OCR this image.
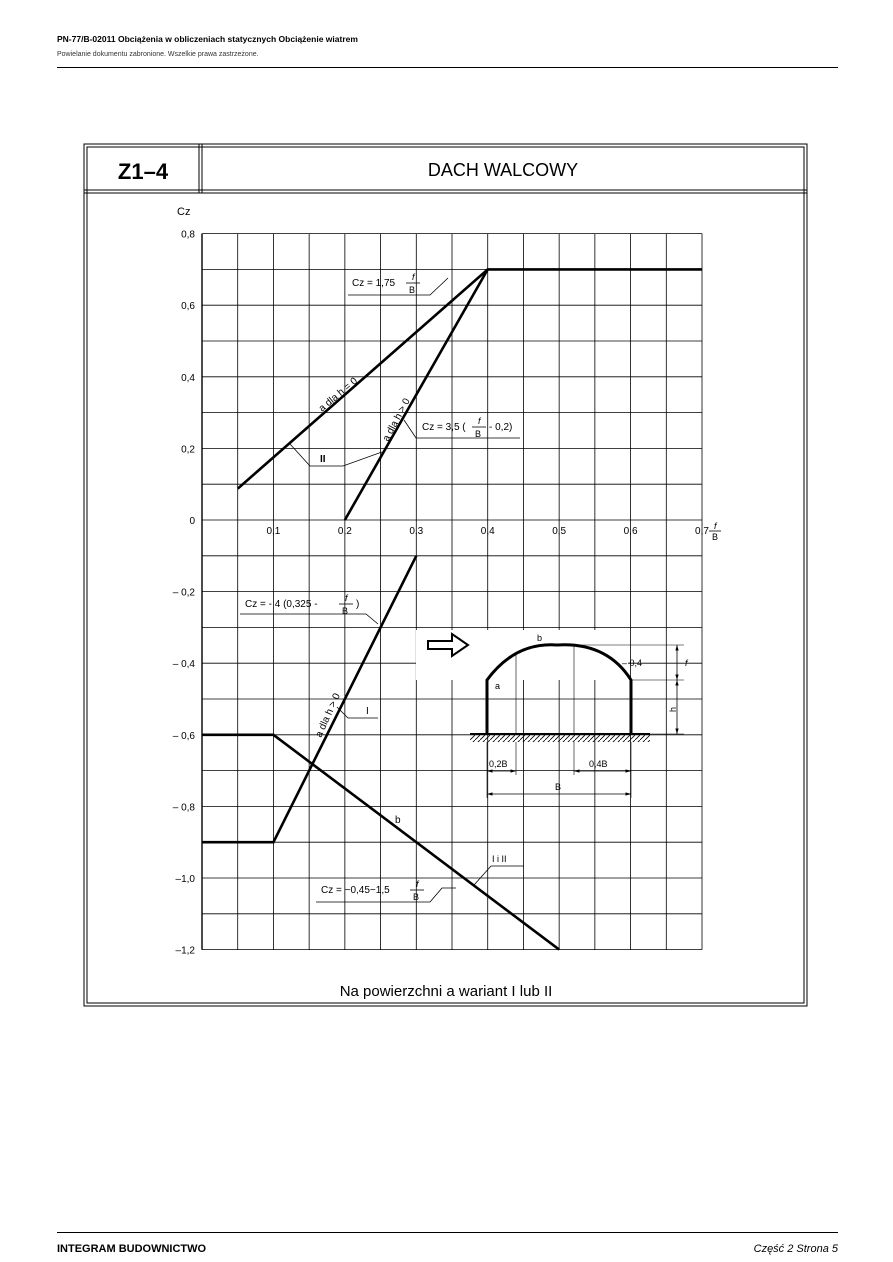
PN-77/B-02011 Obciążenia w obliczeniach statycznych Obciążenie wiatrem
Powielanie dokumentu zabronione. Wszelkie prawa zastrzeżone.
Z1–4	DACH WALCOWY
0,8
0,6
0,4
0,2
0
– 0,2
– 0,4
– 0,6
– 0,8
–1,0
–1,2
0,1	0,2	0,3	0,4	0,5	0,6	0,7
Cz
f
B
a dla h = 0
a dla h > 0
a dla h > 0
b
II
I
I i II
Cz = 1,75
f
B
Cz = 3,5 (
f
B
- 0,2)
Cz = - 4 (0,325 -
f
B
)
Cz = −0,45−1,5
f
B
f
h
a
b
– 0,4
0,2B	0,4B
B
Na powierzchni a wariant I lub II
INTEGRAM BUDOWNICTWO	Część 2 Strona 5
